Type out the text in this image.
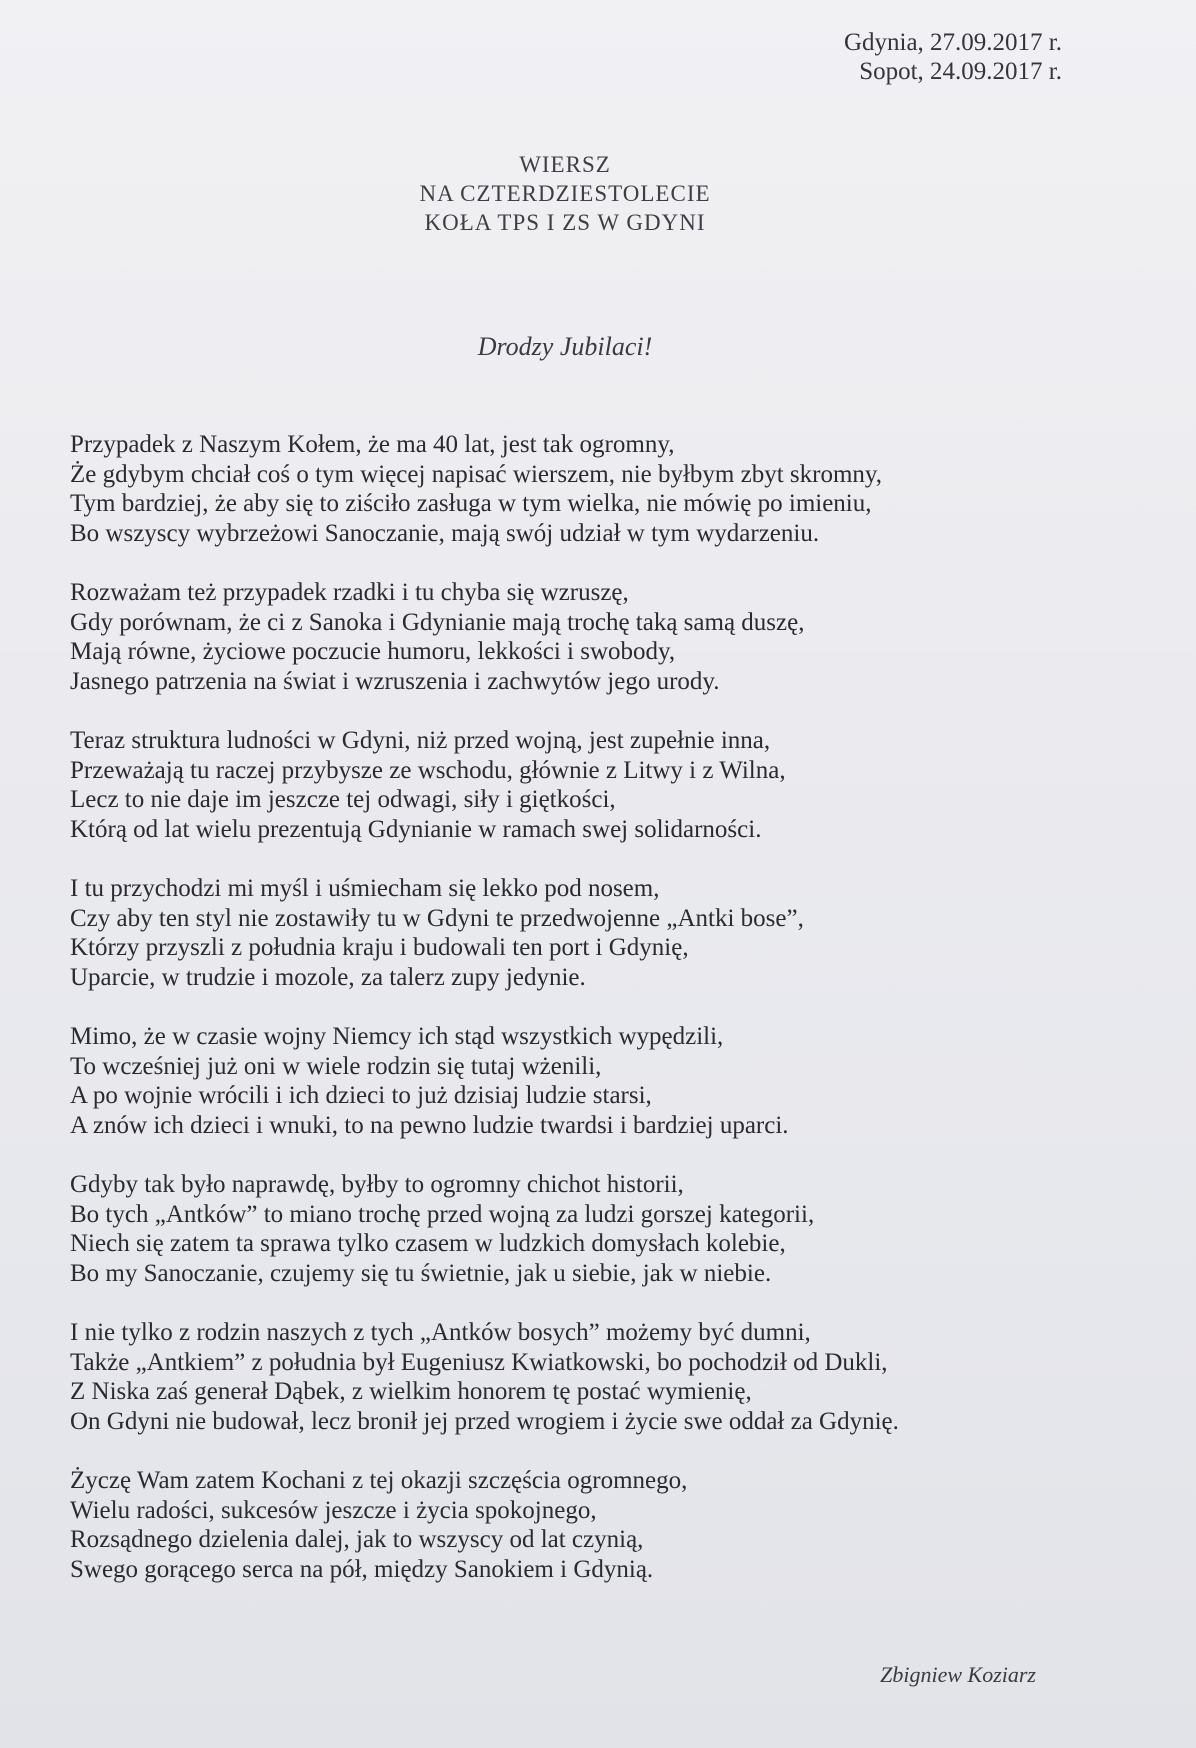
Gdynia, 27.09.2017 r.
Sopot, 24.09.2017 r.
WIERSZ
NA CZTERDZIESTOLECIE
KOŁA TPS I ZS W GDYNI
Drodzy Jubilaci!
Przypadek z Naszym Kołem, że ma 40 lat, jest tak ogromny,
Że gdybym chciał coś o tym więcej napisać wierszem, nie byłbym zbyt skromny,
Tym bardziej, że aby się to ziściło zasługa w tym wielka, nie mówię po imieniu,
Bo wszyscy wybrzeżowi Sanoczanie, mają swój udział w tym wydarzeniu.
Rozważam też przypadek rzadki i tu chyba się wzruszę,
Gdy porównam, że ci z Sanoka i Gdynianie mają trochę taką samą duszę,
Mają równe, życiowe poczucie humoru, lekkości i swobody,
Jasnego patrzenia na świat i wzruszenia i zachwytów jego urody.
Teraz struktura ludności w Gdyni, niż przed wojną, jest zupełnie inna,
Przeważają tu raczej przybysze ze wschodu, głównie z Litwy i z Wilna,
Lecz to nie daje im jeszcze tej odwagi, siły i giętkości,
Którą od lat wielu prezentują Gdynianie w ramach swej solidarności.
I tu przychodzi mi myśl i uśmiecham się lekko pod nosem,
Czy aby ten styl nie zostawiły tu w Gdyni te przedwojenne „Antki bose”,
Którzy przyszli z południa kraju i budowali ten port i Gdynię,
Uparcie, w trudzie i mozole, za talerz zupy jedynie.
Mimo, że w czasie wojny Niemcy ich stąd wszystkich wypędzili,
To wcześniej już oni w wiele rodzin się tutaj wżenili,
A po wojnie wrócili i ich dzieci to już dzisiaj ludzie starsi,
A znów ich dzieci i wnuki, to na pewno ludzie twardsi i bardziej uparci.
Gdyby tak było naprawdę, byłby to ogromny chichot historii,
Bo tych „Antków” to miano trochę przed wojną za ludzi gorszej kategorii,
Niech się zatem ta sprawa tylko czasem w ludzkich domysłach kolebie,
Bo my Sanoczanie, czujemy się tu świetnie, jak u siebie, jak w niebie.
I nie tylko z rodzin naszych z tych „Antków bosych” możemy być dumni,
Także „Antkiem” z południa był Eugeniusz Kwiatkowski, bo pochodził od Dukli,
Z Niska zaś generał Dąbek, z wielkim honorem tę postać wymienię,
On Gdyni nie budował, lecz bronił jej przed wrogiem i życie swe oddał za Gdynię.
Życzę Wam zatem Kochani z tej okazji szczęścia ogromnego,
Wielu radości, sukcesów jeszcze i życia spokojnego,
Rozsądnego dzielenia dalej, jak to wszyscy od lat czynią,
Swego gorącego serca na pół, między Sanokiem i Gdynią.
Zbigniew Koziarz
